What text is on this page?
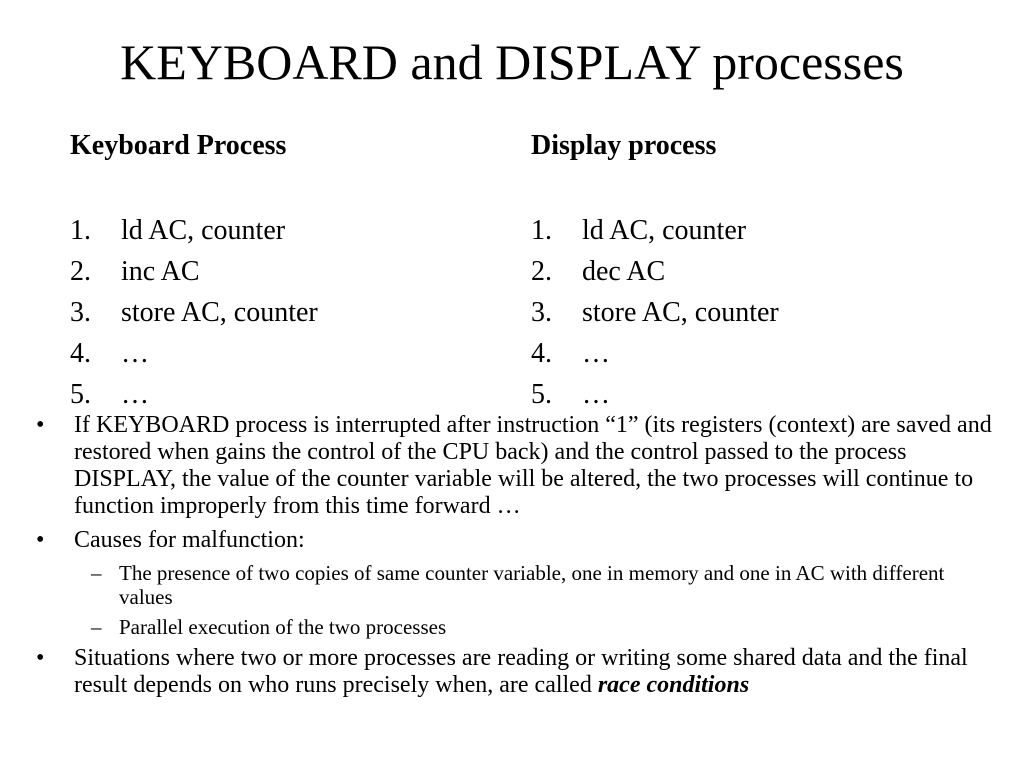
KEYBOARD and DISPLAY processes
Keyboard Process
1. ld AC, counter
2. inc AC
3. store AC, counter
4. …
5. …
Display process
1. ld AC, counter
2. dec AC
3. store AC, counter
4. …
5. …
• If KEYBOARD process is interrupted after instruction “1” (its registers (context) are saved and restored when gains the control of the CPU back) and the control passed to the process DISPLAY, the value of the counter variable will be altered, the two processes will continue to function improperly from this time forward …
• Causes for malfunction:
– The presence of two copies of same counter variable, one in memory and one in AC with different values
– Parallel execution of the two processes
• Situations where two or more processes are reading or writing some shared data and the final result depends on who runs precisely when, are called race conditions
